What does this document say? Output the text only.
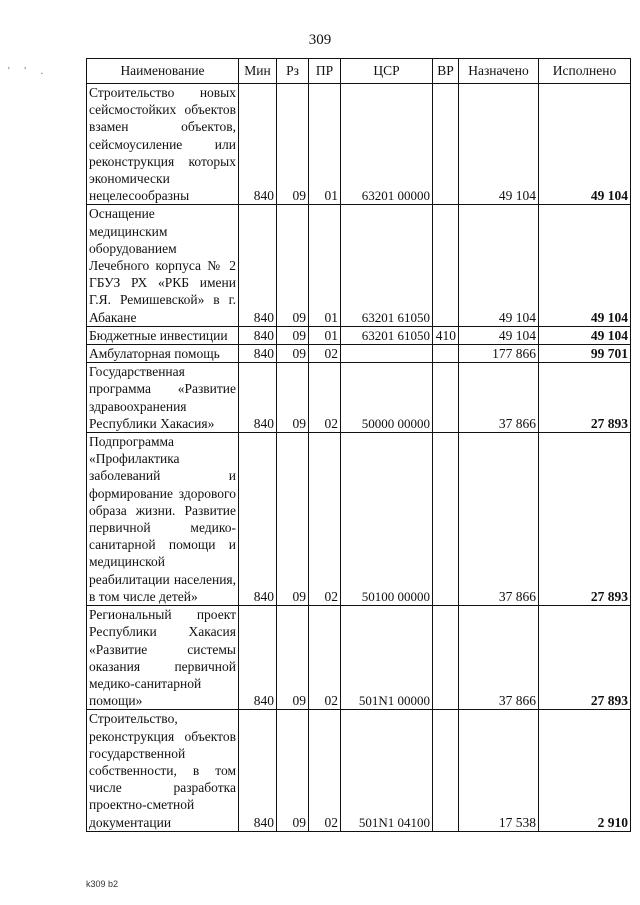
309
' ' .	Наименование	Мин	Рз	ПР	ЦСР	ВР	Назначено	Исполнено
Строительство новых сейсмостойких объектов взамен объектов, сейсмоусиление или реконструкция которых экономически нецелесообразны	840	09	01	63201 00000		49 104	49 104
Оснащение медицинским оборудованием Лечебного корпуса № 2 ГБУЗ РХ «РКБ имени Г.Я. Ремишевской» в г. Абакане	840	09	01	63201 61050		49 104	49 104
Бюджетные инвестиции	840	09	01	63201 61050	410	49 104	49 104
Амбулаторная помощь	840	09	02			177 866	99 701
Государственная программа «Развитие здравоохранения Республики Хакасия»	840	09	02	50000 00000		37 866	27 893
Подпрограмма «Профилактика заболеваний и формирование здорового образа жизни. Развитие первичной медико-санитарной помощи и медицинской реабилитации населения, в том числе детей»	840	09	02	50100 00000		37 866	27 893
Региональный проект Республики Хакасия «Развитие системы оказания первичной медико-санитарной помощи»	840	09	02	501N1 00000		37 866	27 893
Строительство, реконструкция объектов государственной собственности, в том числе разработка проектно-сметной документации	840	09	02	501N1 04100		17 538	2 910
k309 b2
